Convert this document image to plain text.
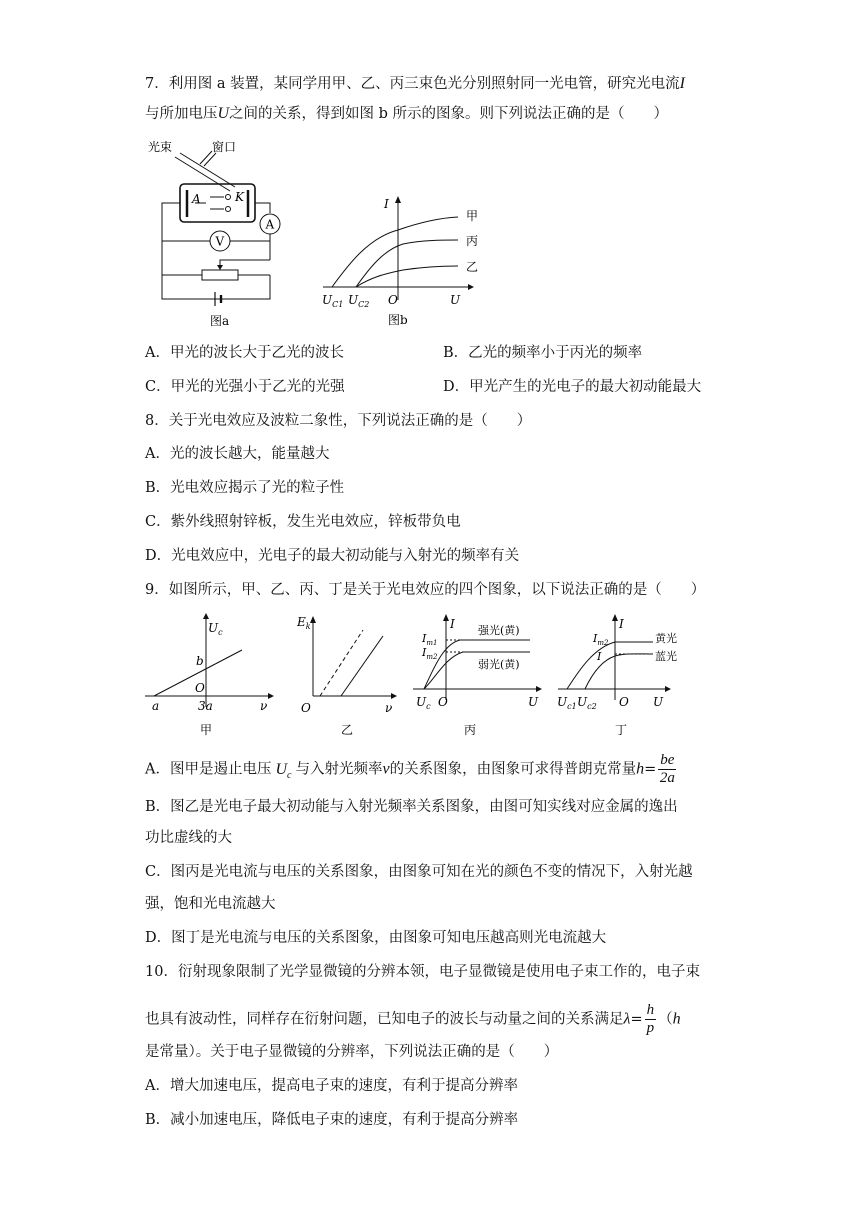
7．利用图 a 装置，某同学用甲、乙、丙三束色光分别照射同一光电管，研究光电流I
与所加电压U之间的关系，得到如图 b 所示的图象。则下列说法正确的是（　　）
光束	窗口
A	K
A
V
图a
I
U
O
甲
丙
乙
$U_{C1}$ $U_{C2}$
图b
A．甲光的波长大于乙光的波长	B．乙光的频率小于丙光的频率
C．甲光的光强小于乙光的光强	D．甲光产生的光电子的最大初动能最大
8．关于光电效应及波粒二象性，下列说法正确的是（　　）
A．光的波长越大，能量越大
B．光电效应揭示了光的粒子性
C．紫外线照射锌板，发生光电效应，锌板带负电
D．光电效应中，光电子的最大初动能与入射光的频率有关
9．如图所示，甲、乙、丙、丁是关于光电效应的四个图象，以下说法正确的是（　　）
$U_c$
ν
b
O
a	3a
甲
$E_k$
ν
O
乙
I
U
O
$U_c$
$I_{m1}$
$I_{m2}$
强光(黄)
弱光(黄)
丙
I
U
O
$U_{c1}$ $U_{c2}$
$I_{m2}$
I
黄光
蓝光
丁
A．图甲是遏止电压 $U_c$ 与入射光频率ν的关系图象，由图象可求得普朗克常量$h= \frac{be}{2a}$
B．图乙是光电子最大初动能与入射光频率关系图象，由图可知实线对应金属的逸出
功比虚线的大
C．图丙是光电流与电压的关系图象，由图象可知在光的颜色不变的情况下，入射光越
强，饱和光电流越大
D．图丁是光电流与电压的关系图象，由图象可知电压越高则光电流越大
10．衍射现象限制了光学显微镜的分辨本领，电子显微镜是使用电子束工作的，电子束
也具有波动性，同样存在衍射问题，已知电子的波长与动量之间的关系满足$\lambda= \frac{h}{p} (h$
是常量）。关于电子显微镜的分辨率，下列说法正确的是（　　）
A．增大加速电压，提高电子束的速度，有利于提高分辨率
B．减小加速电压，降低电子束的速度，有利于提高分辨率
